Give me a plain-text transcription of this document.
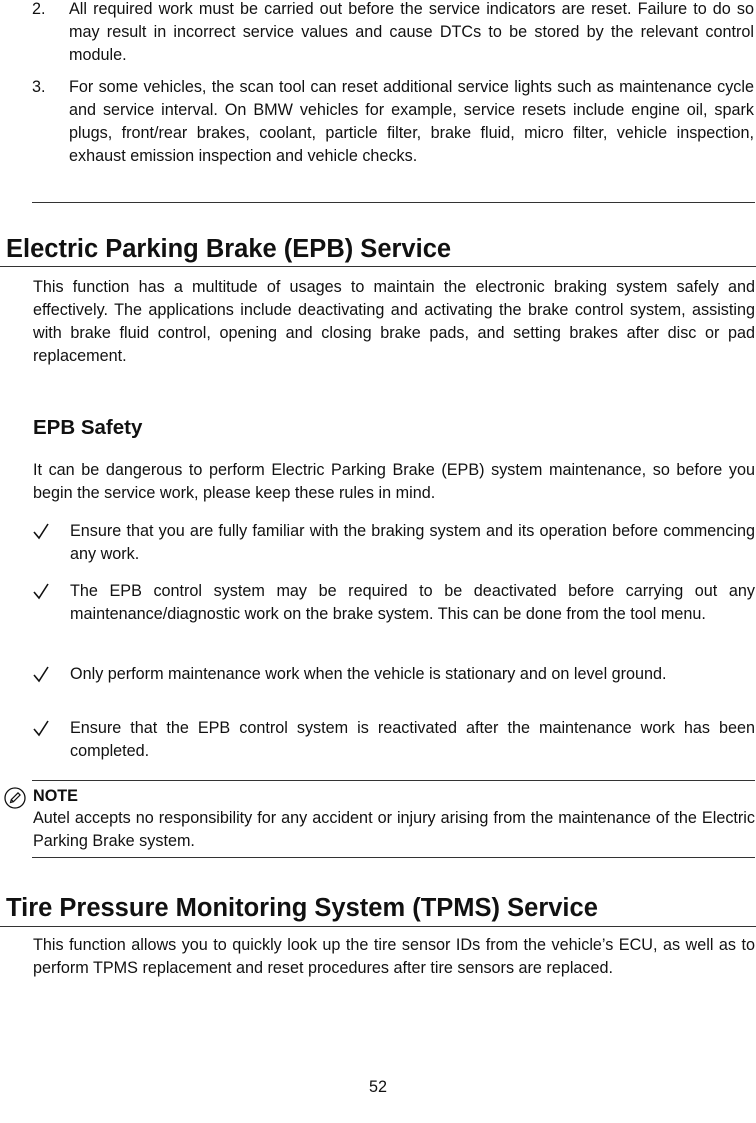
2.	All required work must be carried out before the service indicators are reset. Failure to do so may result in incorrect service values and cause DTCs to be stored by the relevant control module.
3.	For some vehicles, the scan tool can reset additional service lights such as maintenance cycle and service interval. On BMW vehicles for example, service resets include engine oil, spark plugs, front/rear brakes, coolant, particle filter, brake fluid, micro filter, vehicle inspection, exhaust emission inspection and vehicle checks.
Electric Parking Brake (EPB) Service
This function has a multitude of usages to maintain the electronic braking system safely and effectively. The applications include deactivating and activating the brake control system, assisting with brake fluid control, opening and closing brake pads, and setting brakes after disc or pad replacement.
EPB Safety
It can be dangerous to perform Electric Parking Brake (EPB) system maintenance, so before you begin the service work, please keep these rules in mind.
Ensure that you are fully familiar with the braking system and its operation before commencing any work.
The EPB control system may be required to be deactivated before carrying out any maintenance/diagnostic work on the brake system. This can be done from the tool menu.
Only perform maintenance work when the vehicle is stationary and on level ground.
Ensure that the EPB control system is reactivated after the maintenance work has been completed.
NOTE
Autel accepts no responsibility for any accident or injury arising from the maintenance of the Electric Parking Brake system.
Tire Pressure Monitoring System (TPMS) Service
This function allows you to quickly look up the tire sensor IDs from the vehicle’s ECU, as well as to perform TPMS replacement and reset procedures after tire sensors are replaced.
52
